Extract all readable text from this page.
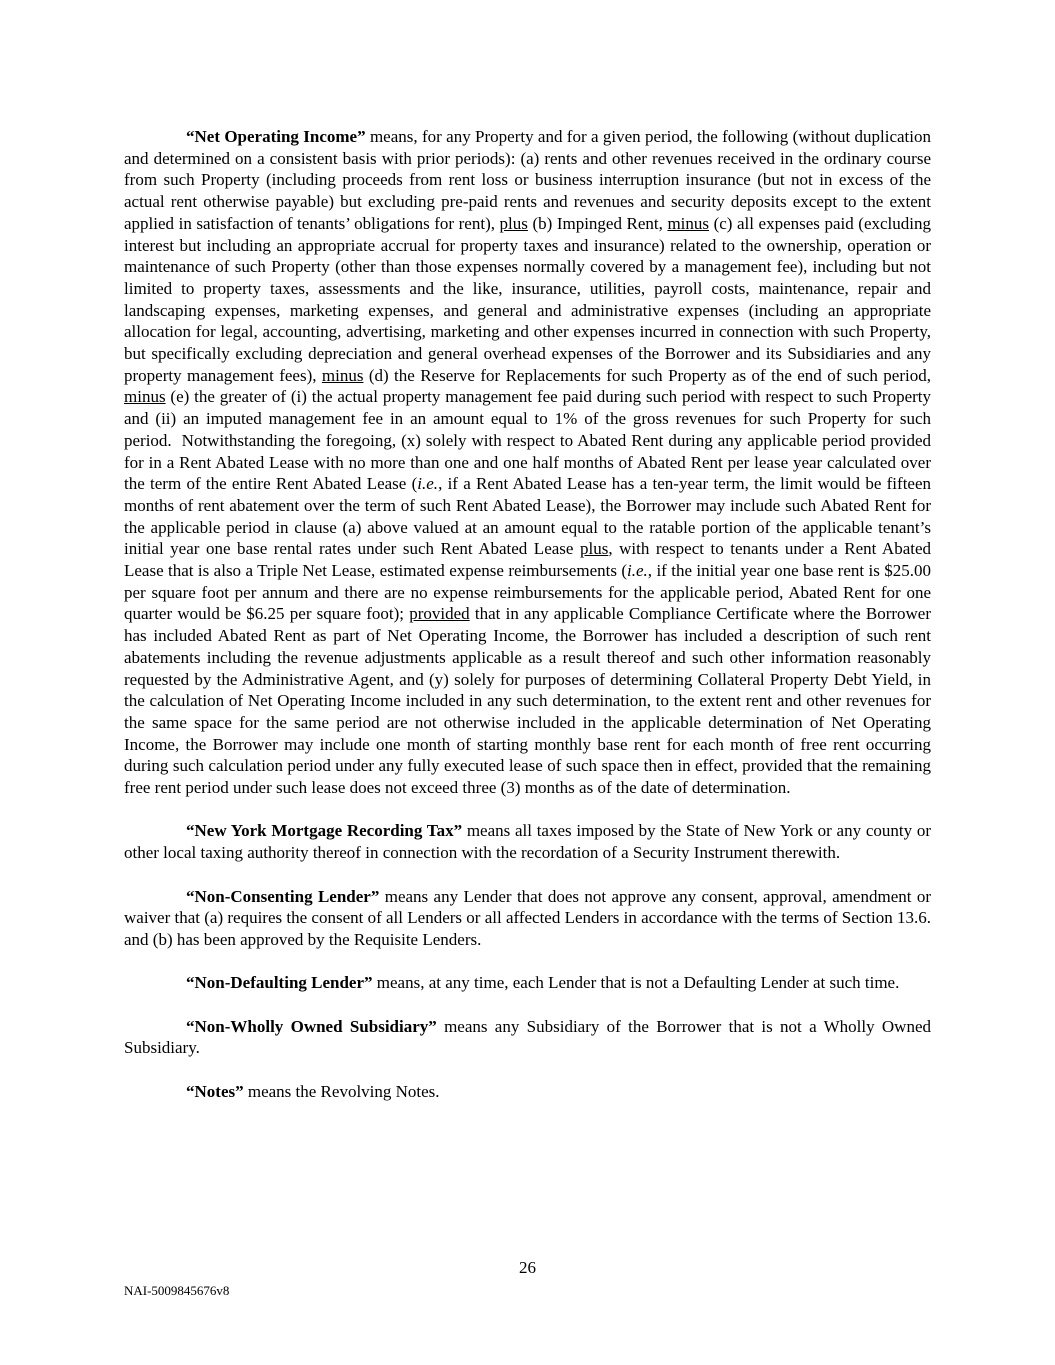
“Net Operating Income” means, for any Property and for a given period, the following (without duplication and determined on a consistent basis with prior periods): (a) rents and other revenues received in the ordinary course from such Property (including proceeds from rent loss or business interruption insurance (but not in excess of the actual rent otherwise payable) but excluding pre-paid rents and revenues and security deposits except to the extent applied in satisfaction of tenants’ obligations for rent), plus (b) Impinged Rent, minus (c) all expenses paid (excluding interest but including an appropriate accrual for property taxes and insurance) related to the ownership, operation or maintenance of such Property (other than those expenses normally covered by a management fee), including but not limited to property taxes, assessments and the like, insurance, utilities, payroll costs, maintenance, repair and landscaping expenses, marketing expenses, and general and administrative expenses (including an appropriate allocation for legal, accounting, advertising, marketing and other expenses incurred in connection with such Property, but specifically excluding depreciation and general overhead expenses of the Borrower and its Subsidiaries and any property management fees), minus (d) the Reserve for Replacements for such Property as of the end of such period, minus (e) the greater of (i) the actual property management fee paid during such period with respect to such Property and (ii) an imputed management fee in an amount equal to 1% of the gross revenues for such Property for such period.  Notwithstanding the foregoing, (x) solely with respect to Abated Rent during any applicable period provided for in a Rent Abated Lease with no more than one and one half months of Abated Rent per lease year calculated over the term of the entire Rent Abated Lease (i.e., if a Rent Abated Lease has a ten-year term, the limit would be fifteen months of rent abatement over the term of such Rent Abated Lease), the Borrower may include such Abated Rent for the applicable period in clause (a) above valued at an amount equal to the ratable portion of the applicable tenant’s initial year one base rental rates under such Rent Abated Lease plus, with respect to tenants under a Rent Abated Lease that is also a Triple Net Lease, estimated expense reimbursements (i.e., if the initial year one base rent is $25.00 per square foot per annum and there are no expense reimbursements for the applicable period, Abated Rent for one quarter would be $6.25 per square foot); provided that in any applicable Compliance Certificate where the Borrower has included Abated Rent as part of Net Operating Income, the Borrower has included a description of such rent abatements including the revenue adjustments applicable as a result thereof and such other information reasonably requested by the Administrative Agent, and (y) solely for purposes of determining Collateral Property Debt Yield, in the calculation of Net Operating Income included in any such determination, to the extent rent and other revenues for the same space for the same period are not otherwise included in the applicable determination of Net Operating Income, the Borrower may include one month of starting monthly base rent for each month of free rent occurring during such calculation period under any fully executed lease of such space then in effect, provided that the remaining free rent period under such lease does not exceed three (3) months as of the date of determination.

“New York Mortgage Recording Tax” means all taxes imposed by the State of New York or any county or other local taxing authority thereof in connection with the recordation of a Security Instrument therewith.

“Non-Consenting Lender” means any Lender that does not approve any consent, approval, amendment or waiver that (a) requires the consent of all Lenders or all affected Lenders in accordance with the terms of Section 13.6. and (b) has been approved by the Requisite Lenders.

“Non-Defaulting Lender” means, at any time, each Lender that is not a Defaulting Lender at such time.

“Non-Wholly Owned Subsidiary” means any Subsidiary of the Borrower that is not a Wholly Owned Subsidiary.

“Notes” means the Revolving Notes.

26
NAI-5009845676v8
